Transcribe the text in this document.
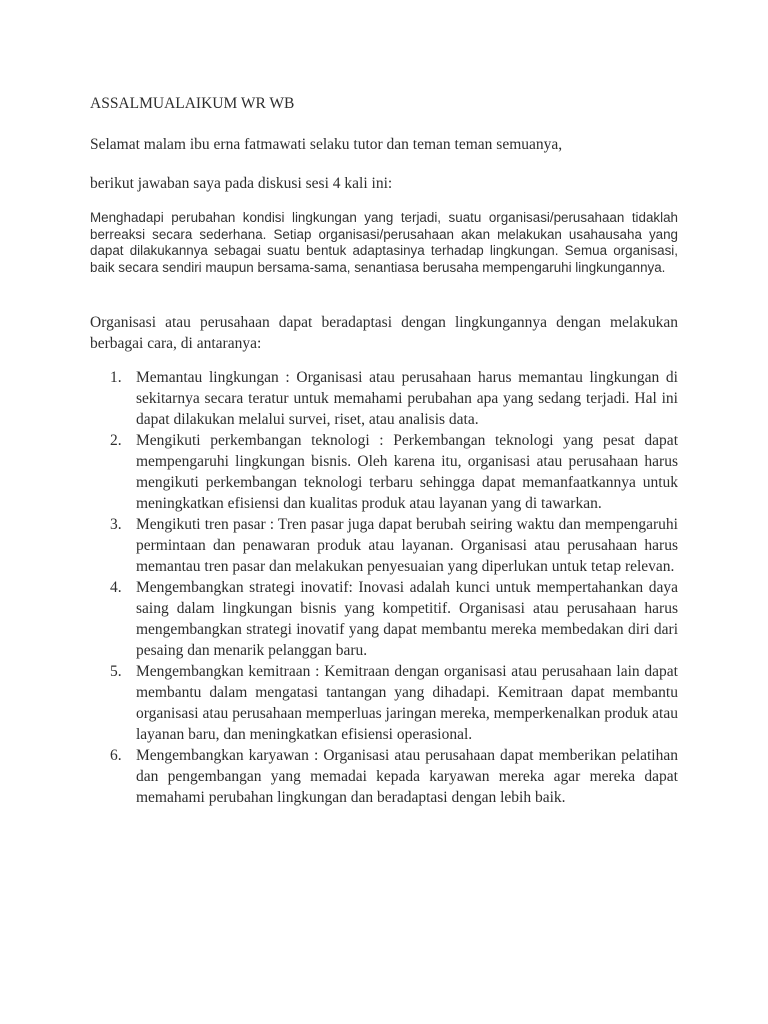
ASSALMUALAIKUM WR WB

Selamat malam ibu erna fatmawati selaku tutor dan teman teman semuanya,

berikut jawaban saya pada diskusi sesi 4 kali ini:

Menghadapi perubahan kondisi lingkungan yang terjadi, suatu organisasi/perusahaan tidaklah berreaksi secara sederhana. Setiap organisasi/perusahaan akan melakukan usahausaha yang dapat dilakukannya sebagai suatu bentuk adaptasinya terhadap lingkungan. Semua organisasi, baik secara sendiri maupun bersama-sama, senantiasa berusaha mempengaruhi lingkungannya.

Organisasi atau perusahaan dapat beradaptasi dengan lingkungannya dengan melakukan berbagai cara, di antaranya:

1. Memantau lingkungan : Organisasi atau perusahaan harus memantau lingkungan di sekitarnya secara teratur untuk memahami perubahan apa yang sedang terjadi. Hal ini dapat dilakukan melalui survei, riset, atau analisis data.
2. Mengikuti perkembangan teknologi : Perkembangan teknologi yang pesat dapat mempengaruhi lingkungan bisnis. Oleh karena itu, organisasi atau perusahaan harus mengikuti perkembangan teknologi terbaru sehingga dapat memanfaatkannya untuk meningkatkan efisiensi dan kualitas produk atau layanan yang di tawarkan.
3. Mengikuti tren pasar : Tren pasar juga dapat berubah seiring waktu dan mempengaruhi permintaan dan penawaran produk atau layanan. Organisasi atau perusahaan harus memantau tren pasar dan melakukan penyesuaian yang diperlukan untuk tetap relevan.
4. Mengembangkan strategi inovatif: Inovasi adalah kunci untuk mempertahankan daya saing dalam lingkungan bisnis yang kompetitif. Organisasi atau perusahaan harus mengembangkan strategi inovatif yang dapat membantu mereka membedakan diri dari pesaing dan menarik pelanggan baru.
5. Mengembangkan kemitraan : Kemitraan dengan organisasi atau perusahaan lain dapat membantu dalam mengatasi tantangan yang dihadapi. Kemitraan dapat membantu organisasi atau perusahaan memperluas jaringan mereka, memperkenalkan produk atau layanan baru, dan meningkatkan efisiensi operasional.
6. Mengembangkan karyawan : Organisasi atau perusahaan dapat memberikan pelatihan dan pengembangan yang memadai kepada karyawan mereka agar mereka dapat memahami perubahan lingkungan dan beradaptasi dengan lebih baik.
